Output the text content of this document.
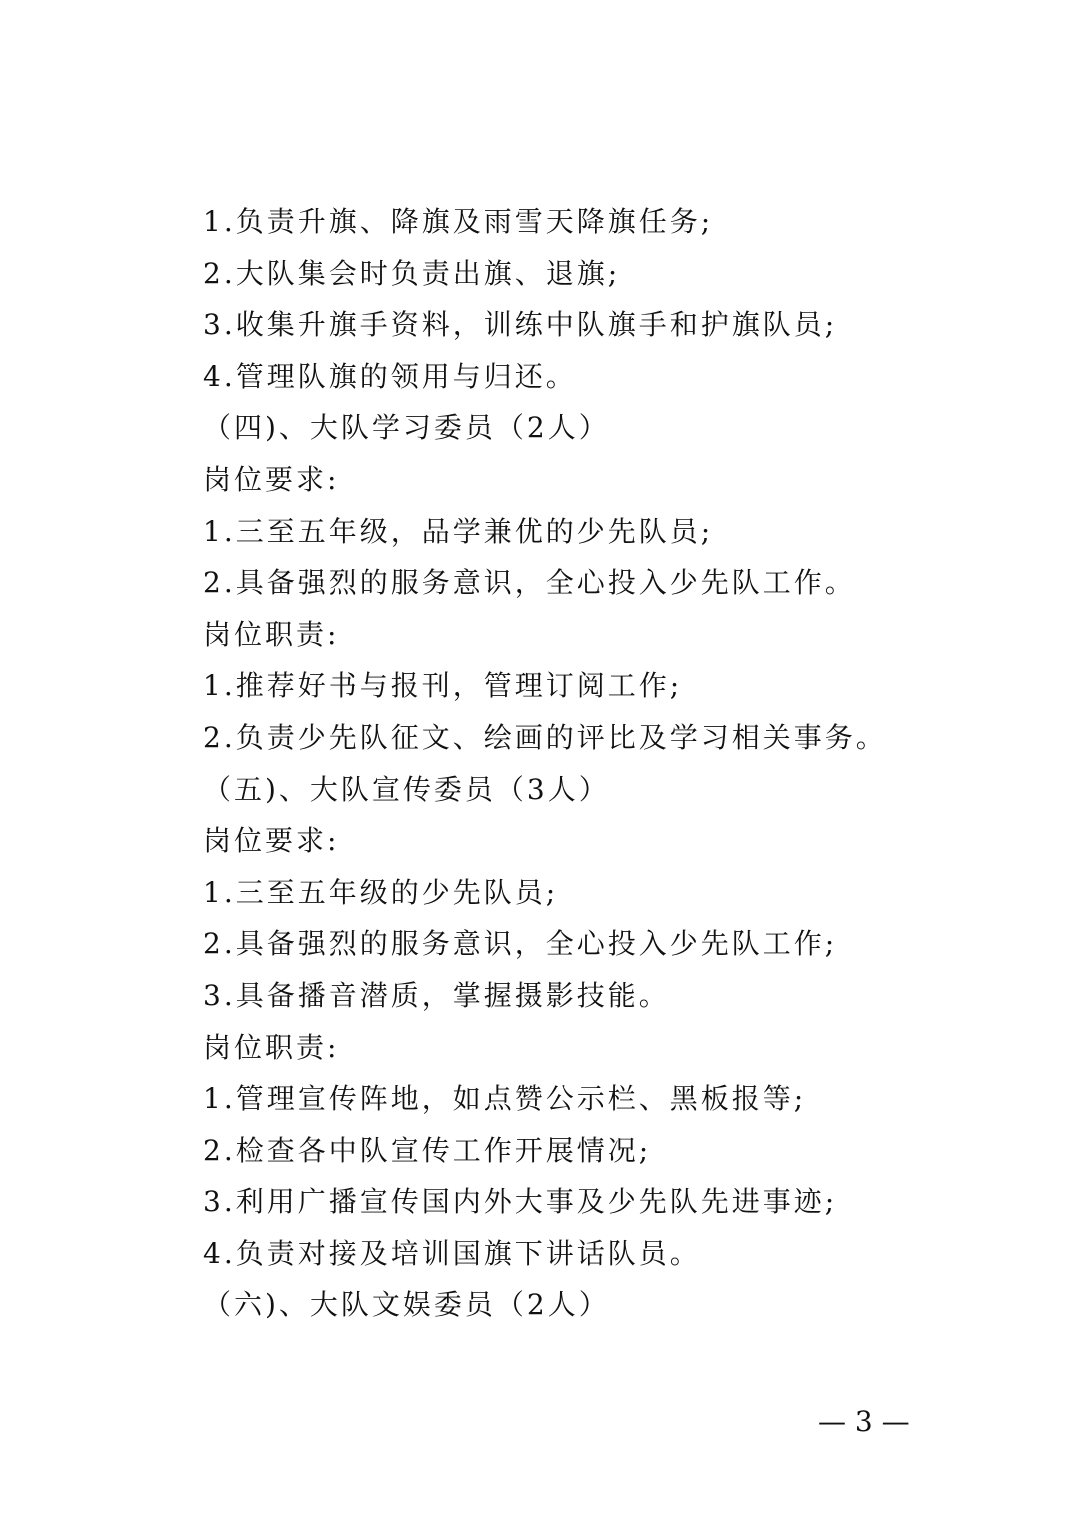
1.负责升旗、降旗及雨雪天降旗任务;
2.大队集会时负责出旗、退旗;
3.收集升旗手资料，训练中队旗手和护旗队员;
4.管理队旗的领用与归还。
（四)、大队学习委员（2人）
岗位要求:
1.三至五年级，品学兼优的少先队员;
2.具备强烈的服务意识，全心投入少先队工作。
岗位职责:
1.推荐好书与报刊，管理订阅工作;
2.负责少先队征文、绘画的评比及学习相关事务。
（五)、大队宣传委员（3人）
岗位要求:
1.三至五年级的少先队员;
2.具备强烈的服务意识，全心投入少先队工作;
3.具备播音潜质，掌握摄影技能。
岗位职责:
1.管理宣传阵地，如点赞公示栏、黑板报等;
2.检查各中队宣传工作开展情况;
3.利用广播宣传国内外大事及少先队先进事迹;
4.负责对接及培训国旗下讲话队员。
（六)、大队文娱委员（2人）
— 3 —
